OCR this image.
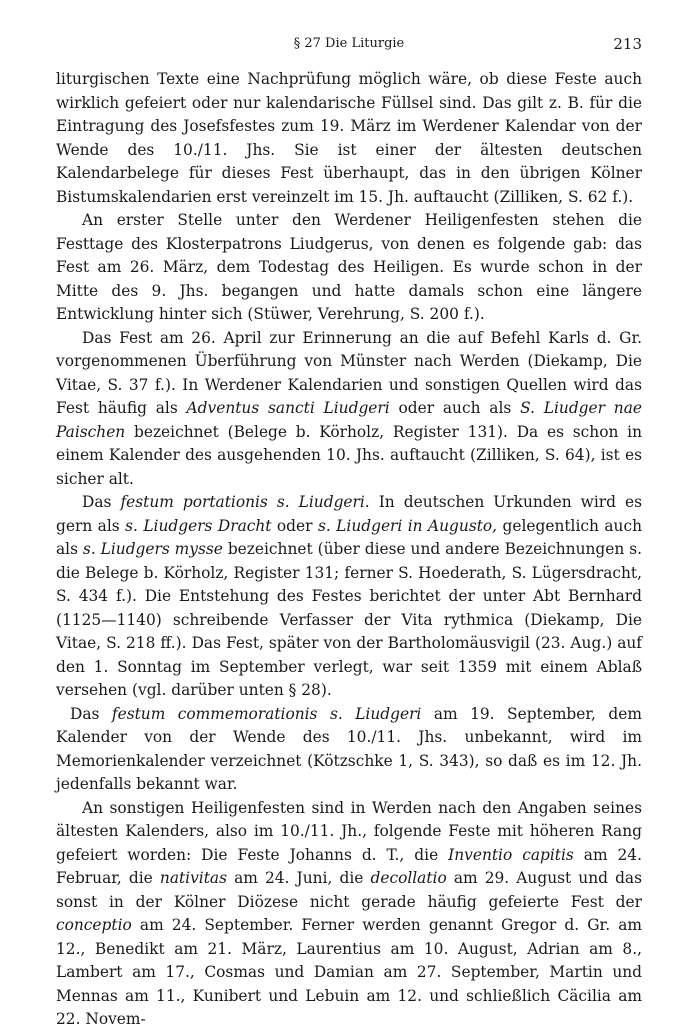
§ 27 Die Liturgie	213

liturgischen Texte eine Nachprüfung möglich wäre, ob diese Feste auch wirklich gefeiert oder nur kalendarische Füllsel sind. Das gilt z. B. für die Eintragung des Josefsfestes zum 19. März im Werdener Kalendar von der Wende des 10./11. Jhs. Sie ist einer der ältesten deutschen Kalendarbelege für dieses Fest überhaupt, das in den übrigen Kölner Bistumskalendarien erst vereinzelt im 15. Jh. auftaucht (Zilliken, S. 62 f.).

An erster Stelle unter den Werdener Heiligenfesten stehen die Festtage des Klosterpatrons Liudgerus, von denen es folgende gab: das Fest am 26. März, dem Todestag des Heiligen. Es wurde schon in der Mitte des 9. Jhs. begangen und hatte damals schon eine längere Entwicklung hinter sich (Stüwer, Verehrung, S. 200 f.).

Das Fest am 26. April zur Erinnerung an die auf Befehl Karls d. Gr. vorgenommenen Überführung von Münster nach Werden (Diekamp, Die Vitae, S. 37 f.). In Werdener Kalendarien und sonstigen Quellen wird das Fest häufig als Adventus sancti Liudgeri oder auch als S. Liudger nae Paischen bezeichnet (Belege b. Körholz, Register 131). Da es schon in einem Kalender des ausgehenden 10. Jhs. auftaucht (Zilliken, S. 64), ist es sicher alt.

Das festum portationis s. Liudgeri. In deutschen Urkunden wird es gern als s. Liudgers Dracht oder s. Liudgeri in Augusto, gelegentlich auch als s. Liudgers mysse bezeichnet (über diese und andere Bezeichnungen s. die Belege b. Körholz, Register 131; ferner S. Hoederath, S. Lügersdracht, S. 434 f.). Die Entstehung des Festes berichtet der unter Abt Bernhard (1125—1140) schreibende Verfasser der Vita rythmica (Diekamp, Die Vitae, S. 218 ff.). Das Fest, später von der Bartholomäusvigil (23. Aug.) auf den 1. Sonntag im September verlegt, war seit 1359 mit einem Ablaß versehen (vgl. darüber unten § 28).

Das festum commemorationis s. Liudgeri am 19. September, dem Kalender von der Wende des 10./11. Jhs. unbekannt, wird im Memorienkalender verzeichnet (Kötzschke 1, S. 343), so daß es im 12. Jh. jedenfalls bekannt war.

An sonstigen Heiligenfesten sind in Werden nach den Angaben seines ältesten Kalenders, also im 10./11. Jh., folgende Feste mit höheren Rang gefeiert worden: Die Feste Johanns d. T., die Inventio capitis am 24. Februar, die nativitas am 24. Juni, die decollatio am 29. August und das sonst in der Kölner Diözese nicht gerade häufig gefeierte Fest der conceptio am 24. September. Ferner werden genannt Gregor d. Gr. am 12., Benedikt am 21. März, Laurentius am 10. August, Adrian am 8., Lambert am 17., Cosmas und Damian am 27. September, Martin und Mennas am 11., Kunibert und Lebuin am 12. und schließlich Cäcilia am 22. Novem-
